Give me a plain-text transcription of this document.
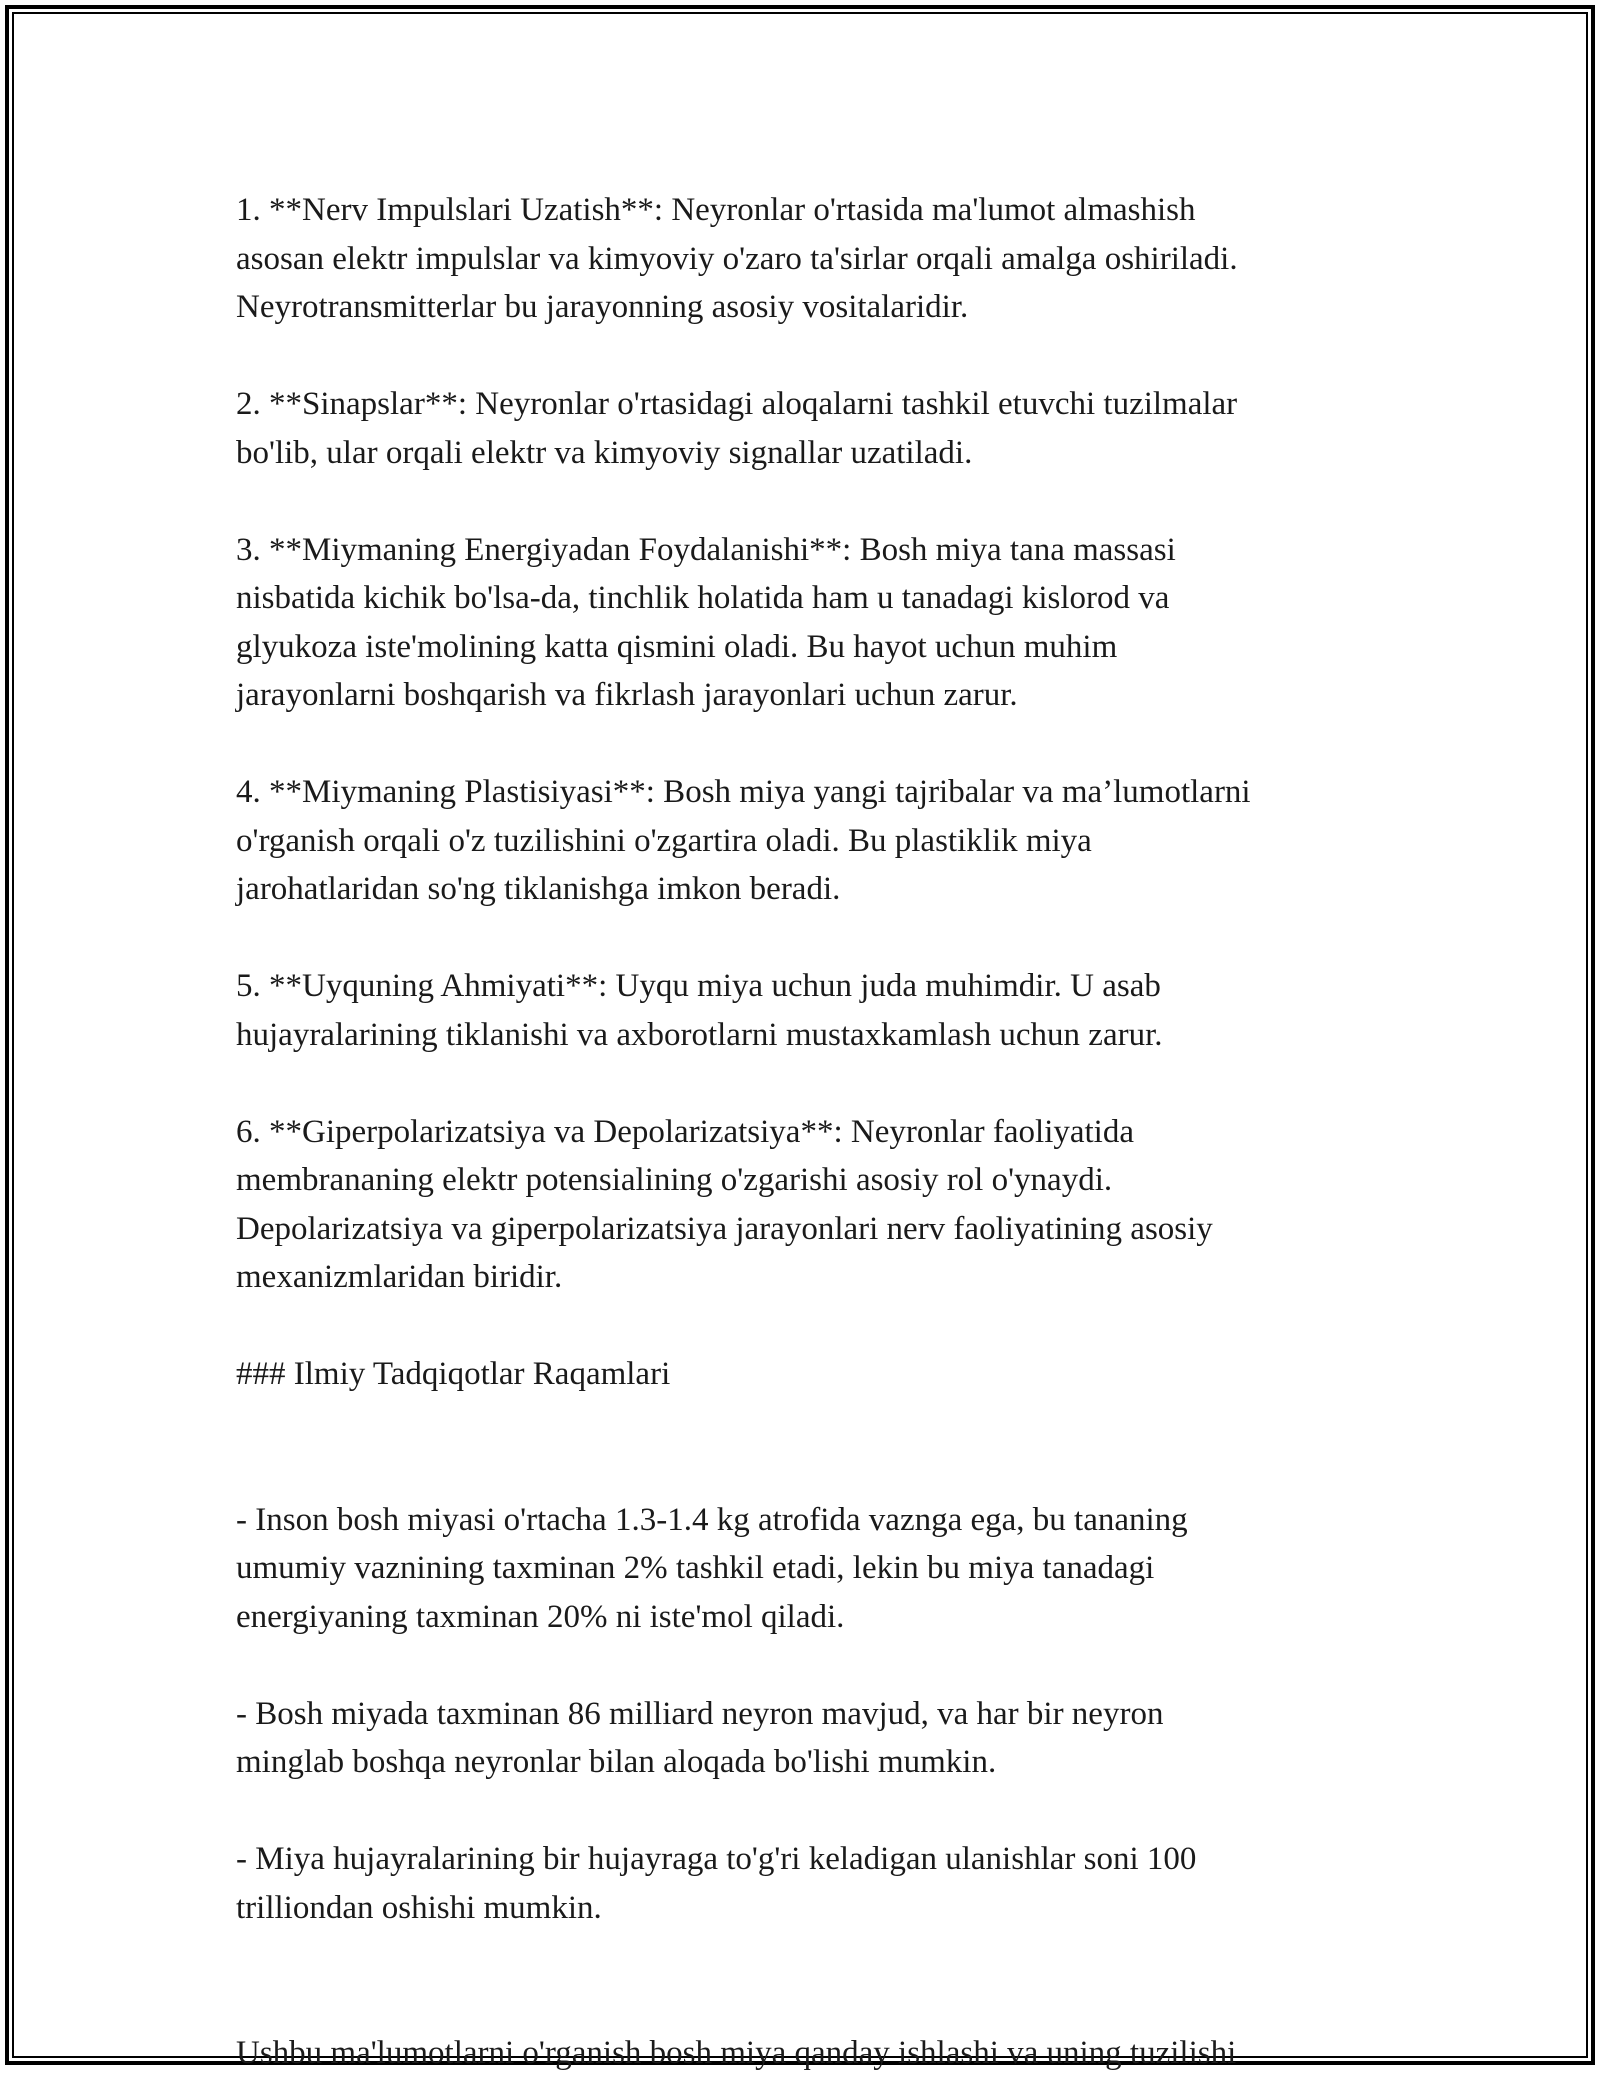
1. **Nerv Impulslari Uzatish**: Neyronlar o'rtasida ma'lumot almashish
asosan elektr impulslar va kimyoviy o'zaro ta'sirlar orqali amalga oshiriladi.
Neyrotransmitterlar bu jarayonning asosiy vositalaridir.

2. **Sinapslar**: Neyronlar o'rtasidagi aloqalarni tashkil etuvchi tuzilmalar
bo'lib, ular orqali elektr va kimyoviy signallar uzatiladi.

3. **Miymaning Energiyadan Foydalanishi**: Bosh miya tana massasi
nisbatida kichik bo'lsa-da, tinchlik holatida ham u tanadagi kislorod va
glyukoza iste'molining katta qismini oladi. Bu hayot uchun muhim
jarayonlarni boshqarish va fikrlash jarayonlari uchun zarur.

4. **Miymaning Plastisiyasi**: Bosh miya yangi tajribalar va ma’lumotlarni
o'rganish orqali o'z tuzilishini o'zgartira oladi. Bu plastiklik miya
jarohatlaridan so'ng tiklanishga imkon beradi.

5. **Uyquning Ahmiyati**: Uyqu miya uchun juda muhimdir. U asab
hujayralarining tiklanishi va axborotlarni mustaxkamlash uchun zarur.

6. **Giperpolarizatsiya va Depolarizatsiya**: Neyronlar faoliyatida
membrananing elektr potensialining o'zgarishi asosiy rol o'ynaydi.
Depolarizatsiya va giperpolarizatsiya jarayonlari nerv faoliyatining asosiy
mexanizmlaridan biridir.

### Ilmiy Tadqiqotlar Raqamlari

- Inson bosh miyasi o'rtacha 1.3-1.4 kg atrofida vaznga ega, bu tananing
umumiy vaznining taxminan 2% tashkil etadi, lekin bu miya tanadagi
energiyaning taxminan 20% ni iste'mol qiladi.

- Bosh miyada taxminan 86 milliard neyron mavjud, va har bir neyron
minglab boshqa neyronlar bilan aloqada bo'lishi mumkin.

- Miya hujayralarining bir hujayraga to'g'ri keladigan ulanishlar soni 100
trilliondan oshishi mumkin.

Ushbu ma'lumotlarni o'rganish bosh miya qanday ishlashi va uning tuzilishi
